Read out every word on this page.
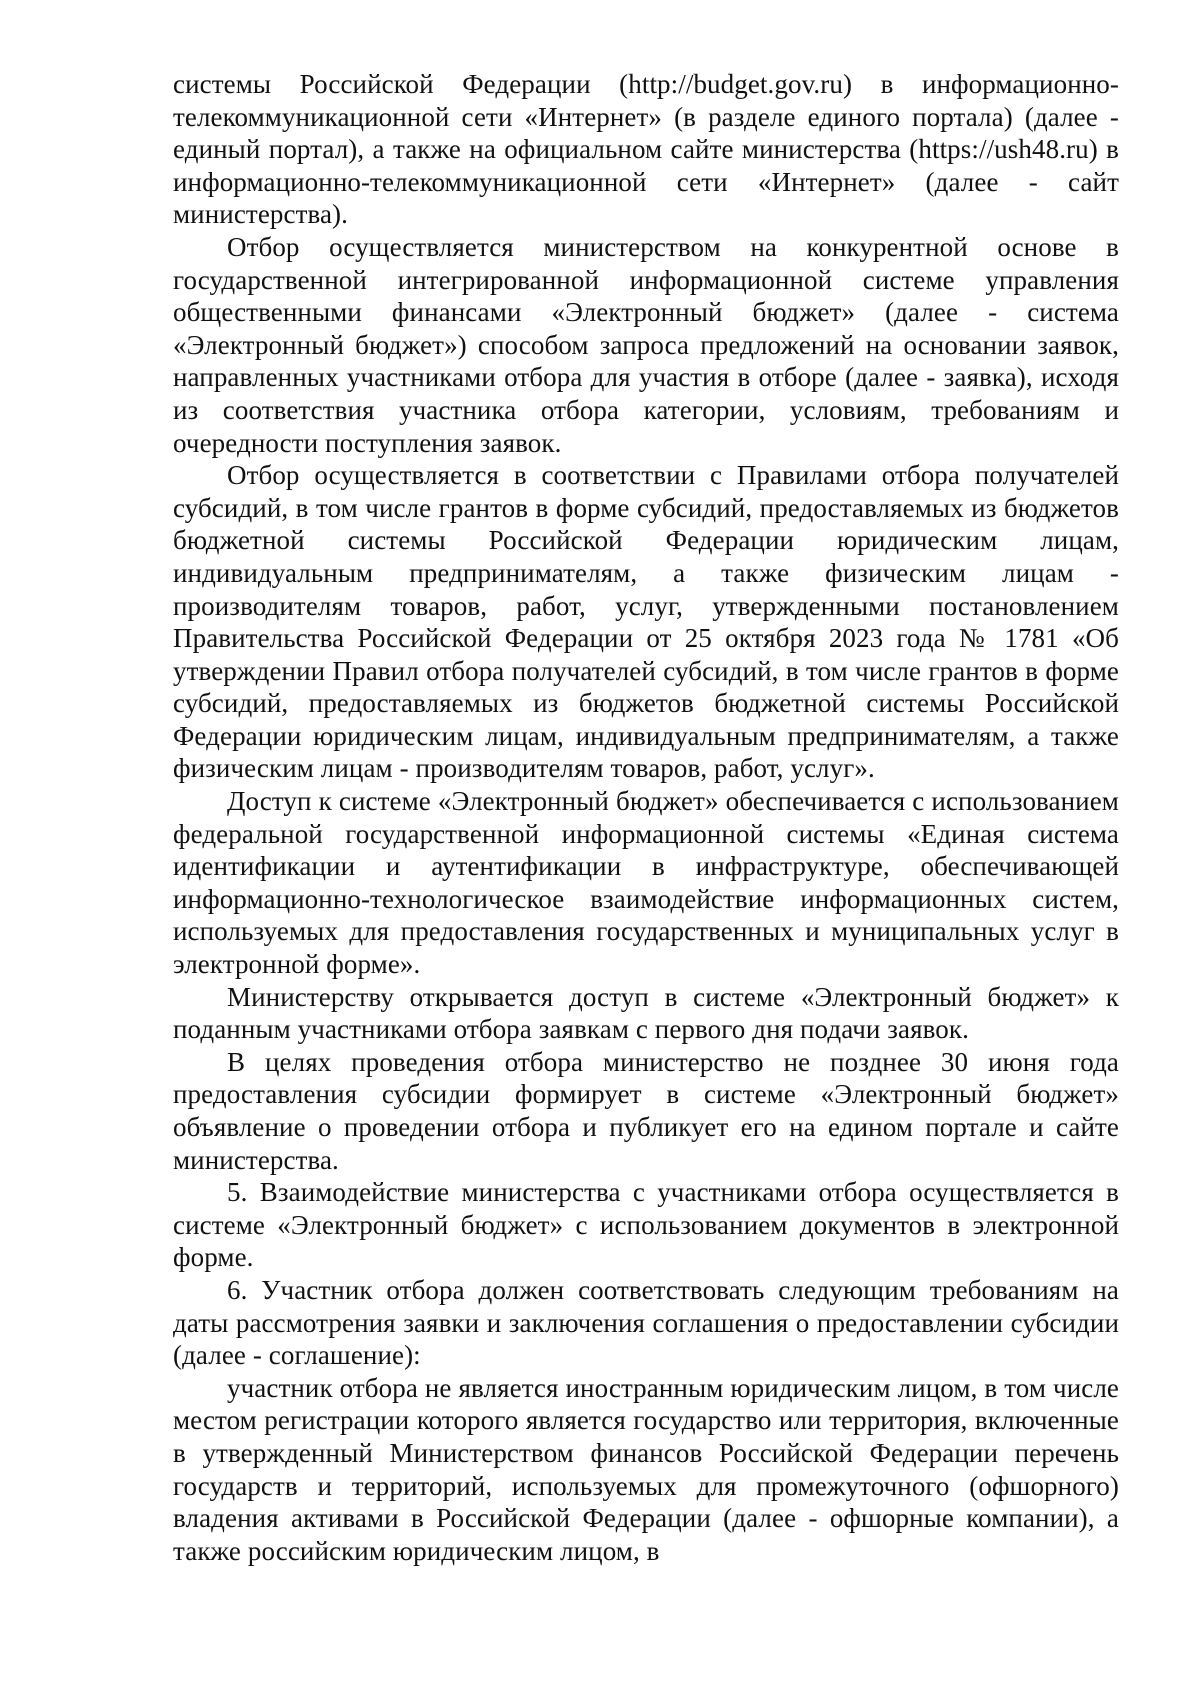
системы Российской Федерации (http://budget.gov.ru) в информационно-телекоммуникационной сети «Интернет» (в разделе единого портала) (далее - единый портал), а также на официальном сайте министерства (https://ush48.ru) в информационно-телекоммуникационной сети «Интернет» (далее - сайт министерства).

Отбор осуществляется министерством на конкурентной основе в государственной интегрированной информационной системе управления общественными финансами «Электронный бюджет» (далее - система «Электронный бюджет») способом запроса предложений на основании заявок, направленных участниками отбора для участия в отборе (далее - заявка), исходя из соответствия участника отбора категории, условиям, требованиям и очередности поступления заявок.

Отбор осуществляется в соответствии с Правилами отбора получателей субсидий, в том числе грантов в форме субсидий, предоставляемых из бюджетов бюджетной системы Российской Федерации юридическим лицам, индивидуальным предпринимателям, а также физическим лицам - производителям товаров, работ, услуг, утвержденными постановлением Правительства Российской Федерации от 25 октября 2023 года № 1781 «Об утверждении Правил отбора получателей субсидий, в том числе грантов в форме субсидий, предоставляемых из бюджетов бюджетной системы Российской Федерации юридическим лицам, индивидуальным предпринимателям, а также физическим лицам - производителям товаров, работ, услуг».

Доступ к системе «Электронный бюджет» обеспечивается с использованием федеральной государственной информационной системы «Единая система идентификации и аутентификации в инфраструктуре, обеспечивающей информационно-технологическое взаимодействие информационных систем, используемых для предоставления государственных и муниципальных услуг в электронной форме».

Министерству открывается доступ в системе «Электронный бюджет» к поданным участниками отбора заявкам с первого дня подачи заявок.

В целях проведения отбора министерство не позднее 30 июня года предоставления субсидии формирует в системе «Электронный бюджет» объявление о проведении отбора и публикует его на едином портале и сайте министерства.

5. Взаимодействие министерства с участниками отбора осуществляется в системе «Электронный бюджет» с использованием документов в электронной форме.

6. Участник отбора должен соответствовать следующим требованиям на даты рассмотрения заявки и заключения соглашения о предоставлении субсидии (далее - соглашение):

участник отбора не является иностранным юридическим лицом, в том числе местом регистрации которого является государство или территория, включенные в утвержденный Министерством финансов Российской Федерации перечень государств и территорий, используемых для промежуточного (офшорного) владения активами в Российской Федерации (далее - офшорные компании), а также российским юридическим лицом, в
